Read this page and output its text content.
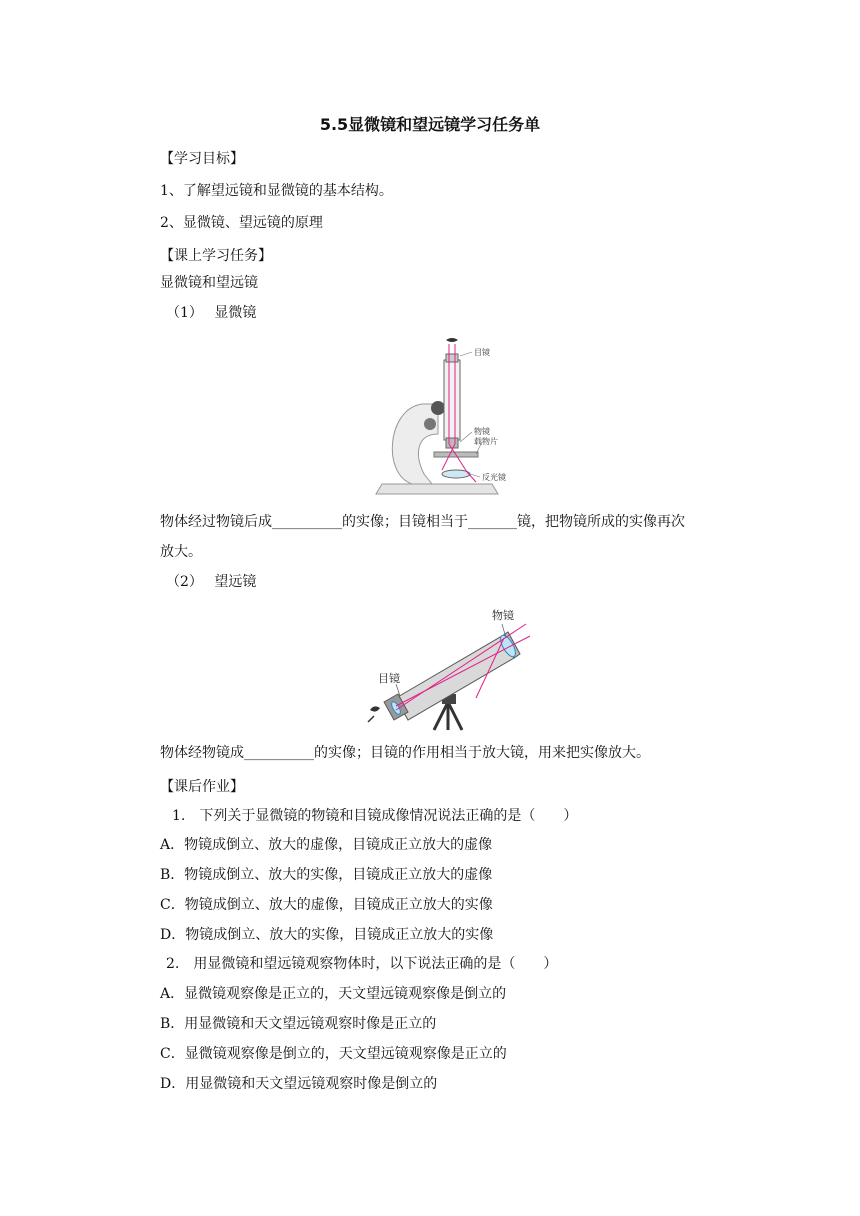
5.5显微镜和望远镜学习任务单
【学习目标】
1、了解望远镜和显微镜的基本结构。
2、显微镜、望远镜的原理
【课上学习任务】
显微镜和望远镜
（1）　 显微镜
目镜
物镜
载物片
反光镜
物体经过物镜后成__________的实像；目镜相当于_______镜，把物镜所成的实像再次
放大。
（2）　 望远镜
物镜
目镜
物体经物镜成__________的实像；目镜的作用相当于放大镜，用来把实像放大。
【课后作业】
1.　下列关于显微镜的物镜和目镜成像情况说法正确的是（　　）
A．物镜成倒立、放大的虚像，目镜成正立放大的虚像
B．物镜成倒立、放大的实像，目镜成正立放大的虚像
C．物镜成倒立、放大的虚像，目镜成正立放大的实像
D．物镜成倒立、放大的实像，目镜成正立放大的实像
2.　用显微镜和望远镜观察物体时，以下说法正确的是（　　）
A．显微镜观察像是正立的，天文望远镜观察像是倒立的
B．用显微镜和天文望远镜观察时像是正立的
C．显微镜观察像是倒立的，天文望远镜观察像是正立的
D．用显微镜和天文望远镜观察时像是倒立的
